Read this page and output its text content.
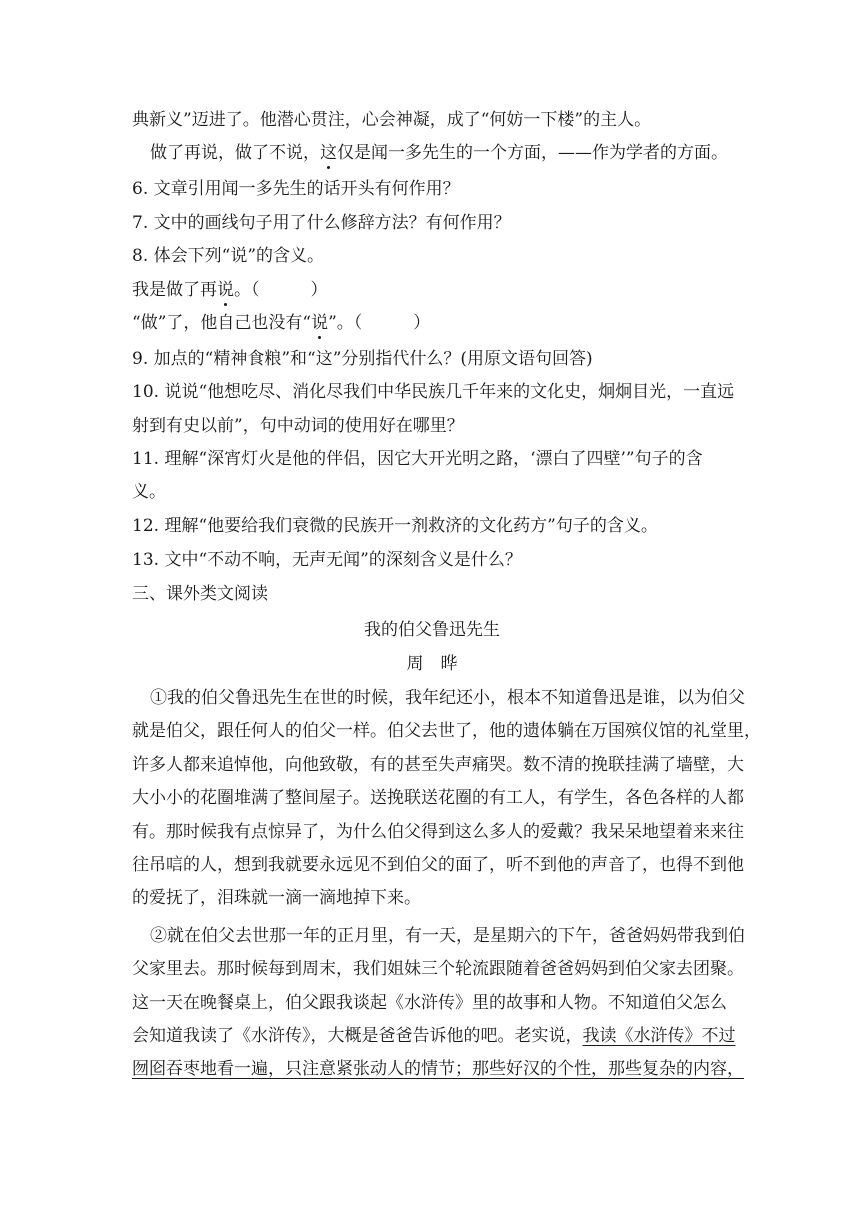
典新义”迈进了。他潜心贯注，心会神凝，成了“何妨一下楼”的主人。
做了再说，做了不说，这仅是闻一多先生的一个方面，——作为学者的方面。
6. 文章引用闻一多先生的话开头有何作用？
7. 文中的画线句子用了什么修辞方法？有何作用？
8. 体会下列“说”的含义。
我是做了再说。（　　　）
“做”了，他自己也没有“说”。（　　　）
9. 加点的“精神食粮”和“这”分别指代什么？(用原文语句回答)
10. 说说“他想吃尽、消化尽我们中华民族几千年来的文化史，炯炯目光，一直远
射到有史以前”，句中动词的使用好在哪里？
11. 理解“深宵灯火是他的伴侣，因它大开光明之路，‘漂白了四壁’”句子的含
义。
12. 理解“他要给我们衰微的民族开一剂救济的文化药方”句子的含义。
13. 文中“不动不响，无声无闻”的深刻含义是什么？
三、课外类文阅读
我的伯父鲁迅先生
周　晔
①我的伯父鲁迅先生在世的时候，我年纪还小，根本不知道鲁迅是谁，以为伯父
就是伯父，跟任何人的伯父一样。伯父去世了，他的遗体躺在万国殡仪馆的礼堂里，
许多人都来追悼他，向他致敬，有的甚至失声痛哭。数不清的挽联挂满了墙壁，大
大小小的花圈堆满了整间屋子。送挽联送花圈的有工人，有学生，各色各样的人都
有。那时候我有点惊异了，为什么伯父得到这么多人的爱戴？我呆呆地望着来来往
往吊唁的人，想到我就要永远见不到伯父的面了，听不到他的声音了，也得不到他
的爱抚了，泪珠就一滴一滴地掉下来。
②就在伯父去世那一年的正月里，有一天，是星期六的下午，爸爸妈妈带我到伯
父家里去。那时候每到周末，我们姐妹三个轮流跟随着爸爸妈妈到伯父家去团聚。
这一天在晚餐桌上，伯父跟我谈起《水浒传》里的故事和人物。不知道伯父怎么
会知道我读了《水浒传》，大概是爸爸告诉他的吧。老实说，我读《水浒传》不过
囫囵吞枣地看一遍，只注意紧张动人的情节；那些好汉的个性，那些复杂的内容，
